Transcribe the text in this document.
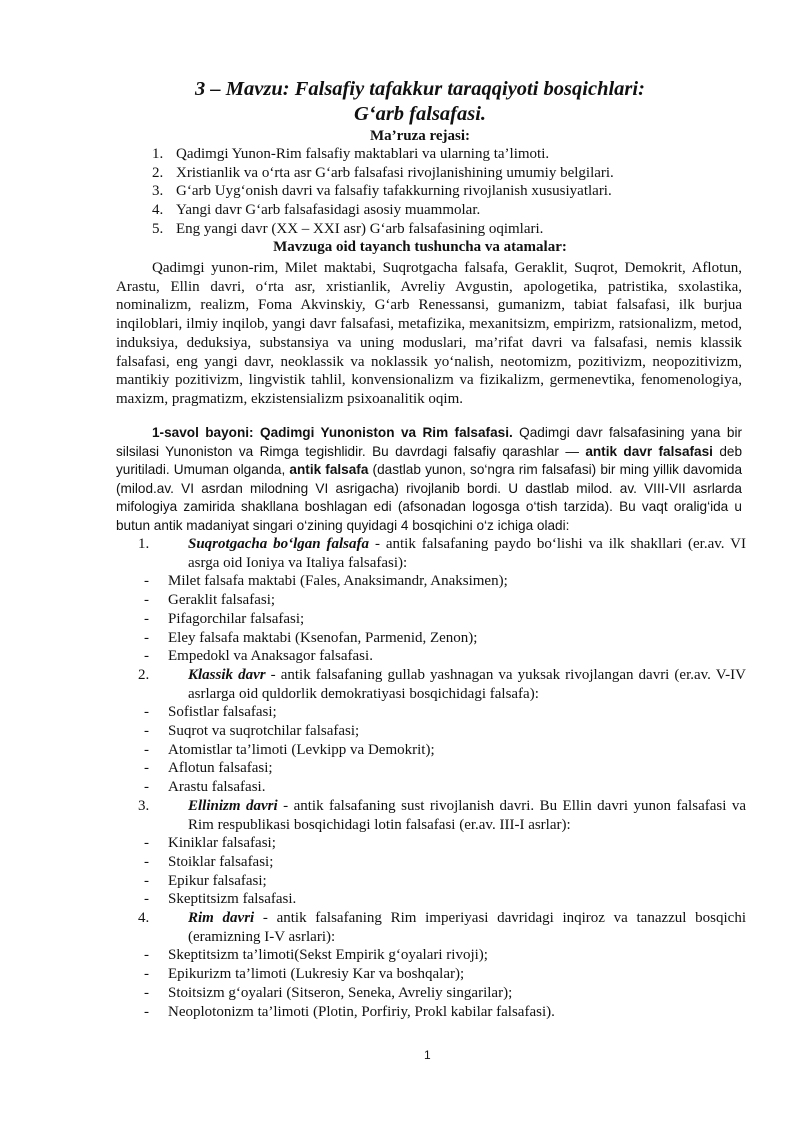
3 – Mavzu: Falsafiy tafakkur taraqqiyoti bosqichlari:
G‘arb falsafasi.
Ma’ruza rejasi:
1. Qadimgi Yunon-Rim falsafiy maktablari va ularning ta’limoti.
2. Xristianlik va o‘rta asr G‘arb falsafasi rivojlanishining umumiy belgilari.
3. G‘arb Uyg‘onish davri va falsafiy tafakkurning rivojlanish xususiyatlari.
4. Yangi davr G‘arb falsafasidagi asosiy muammolar.
5. Eng yangi davr (XX – XXI asr) G‘arb falsafasining oqimlari.
Mavzuga oid tayanch tushuncha va atamalar:
Qadimgi yunon-rim, Milet maktabi, Suqrotgacha falsafa, Geraklit, Suqrot, Demokrit, Aflotun, Arastu, Ellin davri, o‘rta asr, xristianlik, Avreliy Avgustin, apologetika, patristika, sxolastika, nominalizm, realizm, Foma Akvinskiy, G‘arb Renessansi, gumanizm, tabiat falsafasi, ilk burjua inqiloblari, ilmiy inqilob, yangi davr falsafasi, metafizika, mexanitsizm, empirizm, ratsionalizm, metod, induksiya, deduksiya, substansiya va uning moduslari, ma’rifat davri va falsafasi, nemis klassik falsafasi, eng yangi davr, neoklassik va noklassik yo‘nalish, neotomizm, pozitivizm, neopozitivizm, mantikiy pozitivizm, lingvistik tahlil, konvensionalizm va fizikalizm, germenevtika, fenomenologiya, maxizm, pragmatizm, ekzistensializm psixoanalitik oqim.
1-savol bayoni: Qadimgi Yunoniston va Rim falsafasi. Qadimgi davr falsafasining yana bir silsilasi Yunoniston va Rimga tegishlidir. Bu davrdagi falsafiy qarashlar — antik davr falsafasi deb yuritiladi. Umuman olganda, antik falsafa (dastlab yunon, so‘ngra rim falsafasi) bir ming yillik davomida (milod.av. VI asrdan milodning VI asrigacha) rivojlanib bordi. U dastlab milod. av. VIII-VII asrlarda mifologiya zamirida shakllana boshlagan edi (afsonadan logosga o‘tish tarzida). Bu vaqt oralig‘ida u butun antik madaniyat singari o‘zining quyidagi 4 bosqichini o‘z ichiga oladi:
1.	Suqrotgacha bo‘lgan falsafa - antik falsafaning paydo bo‘lishi va ilk shakllari (er.av. VI asrga oid Ioniya va Italiya falsafasi):
- Milet falsafa maktabi (Fales, Anaksimandr, Anaksimen);
- Geraklit falsafasi;
- Pifagorchilar falsafasi;
- Eley falsafa maktabi (Ksenofan, Parmenid, Zenon);
- Empedokl va Anaksagor falsafasi.
2.	Klassik davr - antik falsafaning gullab yashnagan va yuksak rivojlangan davri (er.av. V-IV asrlarga oid quldorlik demokratiyasi bosqichidagi falsafa):
- Sofistlar falsafasi;
- Suqrot va suqrotchilar falsafasi;
- Atomistlar ta’limoti (Levkipp va Demokrit);
- Aflotun falsafasi;
- Arastu falsafasi.
3.	Ellinizm davri - antik falsafaning sust rivojlanish davri. Bu Ellin davri yunon falsafasi va Rim respublikasi bosqichidagi lotin falsafasi (er.av. III-I asrlar):
- Kiniklar falsafasi;
- Stoiklar falsafasi;
- Epikur falsafasi;
- Skeptitsizm falsafasi.
4.	Rim davri - antik falsafaning Rim imperiyasi davridagi inqiroz va tanazzul bosqichi (eramizning I-V asrlari):
- Skeptitsizm ta’limoti(Sekst Empirik g‘oyalari rivoji);
- Epikurizm ta’limoti (Lukresiy Kar va boshqalar);
- Stoitsizm g‘oyalari (Sitseron, Seneka, Avreliy singarilar);
- Neoplotonizm ta’limoti (Plotin, Porfiriy, Prokl kabilar falsafasi).
1
